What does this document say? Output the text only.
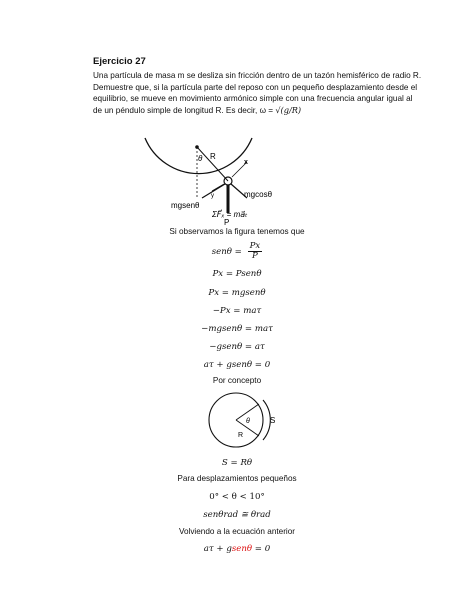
Ejercicio 27
Una partícula de masa m se desliza sin fricción dentro de un tazón hemisférico de radio R.
Demuestre que, si la partícula parte del reposo con un pequeño desplazamiento desde el
equilibrio, se mueve en movimiento armónico simple con una frecuencia angular igual al
de un péndulo simple de longitud R. Es decir, ω = √(g/R)
θ R
x
y	mgcosθ
mgsenθ
P
ΣF⃗ₓ = ma⃗ₜ
Si observamos la figura tenemos que
$sen\theta = \frac{Px}{P}$
Px = Psenθ
Px = mgsenθ
−Px = maτ
−mgsenθ = maτ
−gsenθ = aτ
aτ + gsenθ = 0
Por concepto
θ
R
S
S = Rθ
Para desplazamientos pequeños
0° < θ < 10°
senθrad ≅ θrad
Volviendo a la ecuación anterior
aτ + gsenθ = 0
